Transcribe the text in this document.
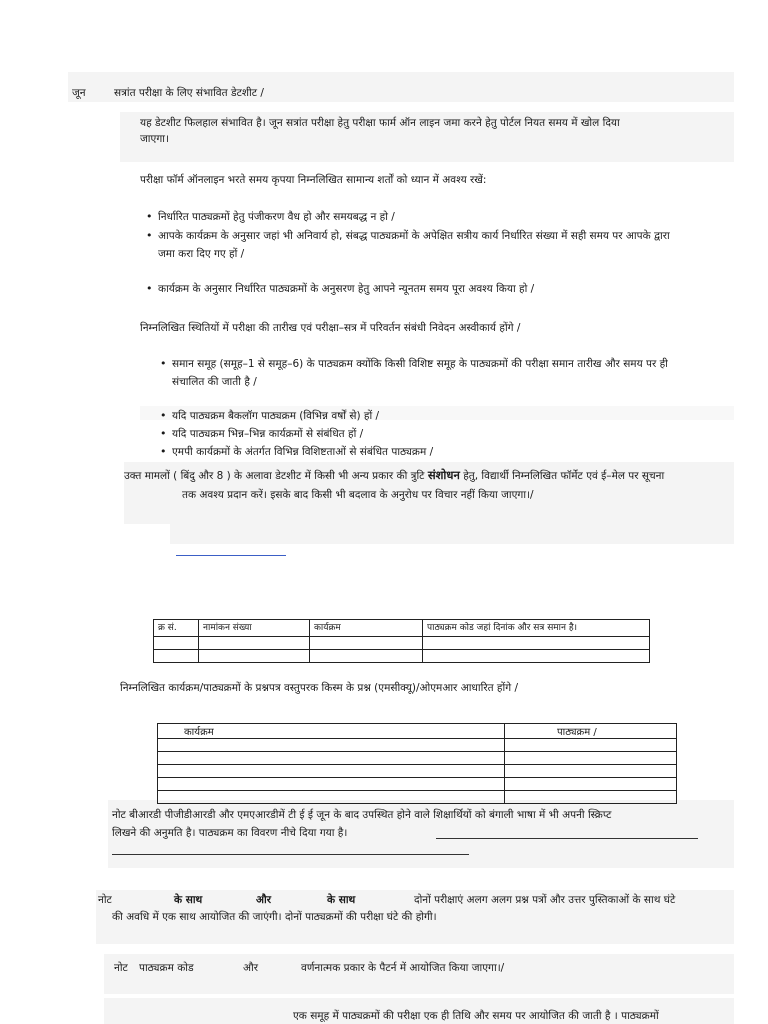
जून	सत्रांत परीक्षा के लिए संभावित डेटशीट /
यह डेटशीट फिलहाल संभावित है। जून सत्रांत परीक्षा हेतु परीक्षा फार्म ऑन लाइन जमा करने हेतु पोर्टल नियत समय में खोल दिया
जाएगा।
परीक्षा फॉर्म ऑनलाइन भरते समय कृपया निम्नलिखित सामान्य शर्तों को ध्यान में अवश्य रखें:
• निर्धारित पाठ्यक्रमों हेतु पंजीकरण वैध हो और समयबद्ध न हो /
• आपके कार्यक्रम के अनुसार जहां भी अनिवार्य हो, संबद्ध पाठ्यक्रमों के अपेक्षित सत्रीय कार्य निर्धारित संख्या में सही समय पर आपके द्वारा
जमा करा दिए गए हों /
• कार्यक्रम के अनुसार निर्धारित पाठ्यक्रमों के अनुसरण हेतु आपने न्यूनतम समय पूरा अवश्य किया हो /
निम्नलिखित स्थितियों में परीक्षा की तारीख एवं परीक्षा–सत्र में परिवर्तन संबंधी निवेदन अस्वीकार्य होंगे /
• समान समूह (समूह–1 से समूह–6) के पाठ्यक्रम क्योंकि किसी विशिष्ट समूह के पाठ्यक्रमों की परीक्षा समान तारीख और समय पर ही
संचालित की जाती है /
• यदि पाठ्यक्रम बैकलॉग पाठ्यक्रम (विभिन्न वर्षों से) हों /
• यदि पाठ्यक्रम भिन्न–भिन्न कार्यक्रमों से संबंधित हों /
• एमपी कार्यक्रमों के अंतर्गत विभिन्न विशिष्टताओं से संबंधित पाठ्यक्रम /
उक्त मामलों ( बिंदु और 8 ) के अलावा डेटशीट में किसी भी अन्य प्रकार की त्रुटि संशोधन हेतु, विद्यार्थी निम्नलिखित फॉर्मेट एवं ई–मेल पर सूचना
तक अवश्य प्रदान करें। इसके बाद किसी भी बदलाव के अनुरोध पर विचार नहीं किया जाएगा।/
क्र सं.	नामांकन संख्या	कार्यक्रम	पाठ्यक्रम कोड जहां दिनांक और सत्र समान है।

निम्नलिखित कार्यक्रम/पाठ्यक्रमों के प्रश्नपत्र वस्तुपरक किस्म के प्रश्न (एमसीक्यू)/ओएमआर आधारित होंगे /
कार्यक्रम	पाठ्यक्रम /

नोट बीआरडी पीजीडीआरडी और एमएआरडीमें टी ई ई जून के बाद उपस्थित होने वाले शिक्षार्थियों को बंगाली भाषा में भी अपनी स्क्रिप्ट
लिखने की अनुमति है। पाठ्यक्रम का विवरण नीचे दिया गया है।
नोट	के साथ	और	के साथ	दोनों परीक्षाएं अलग अलग प्रश्न पत्रों और उत्तर पुस्तिकाओं के साथ घंटे
की अवधि में एक साथ आयोजित की जाएंगी। दोनों पाठ्यक्रमों की परीक्षा घंटे की होगी।
नोट पाठ्यक्रम कोड	और	वर्णनात्मक प्रकार के पैटर्न में आयोजित किया जाएगा।/
एक समूह में पाठ्यक्रमों की परीक्षा एक ही तिथि और समय पर आयोजित की जाती है । पाठ्यक्रमों
